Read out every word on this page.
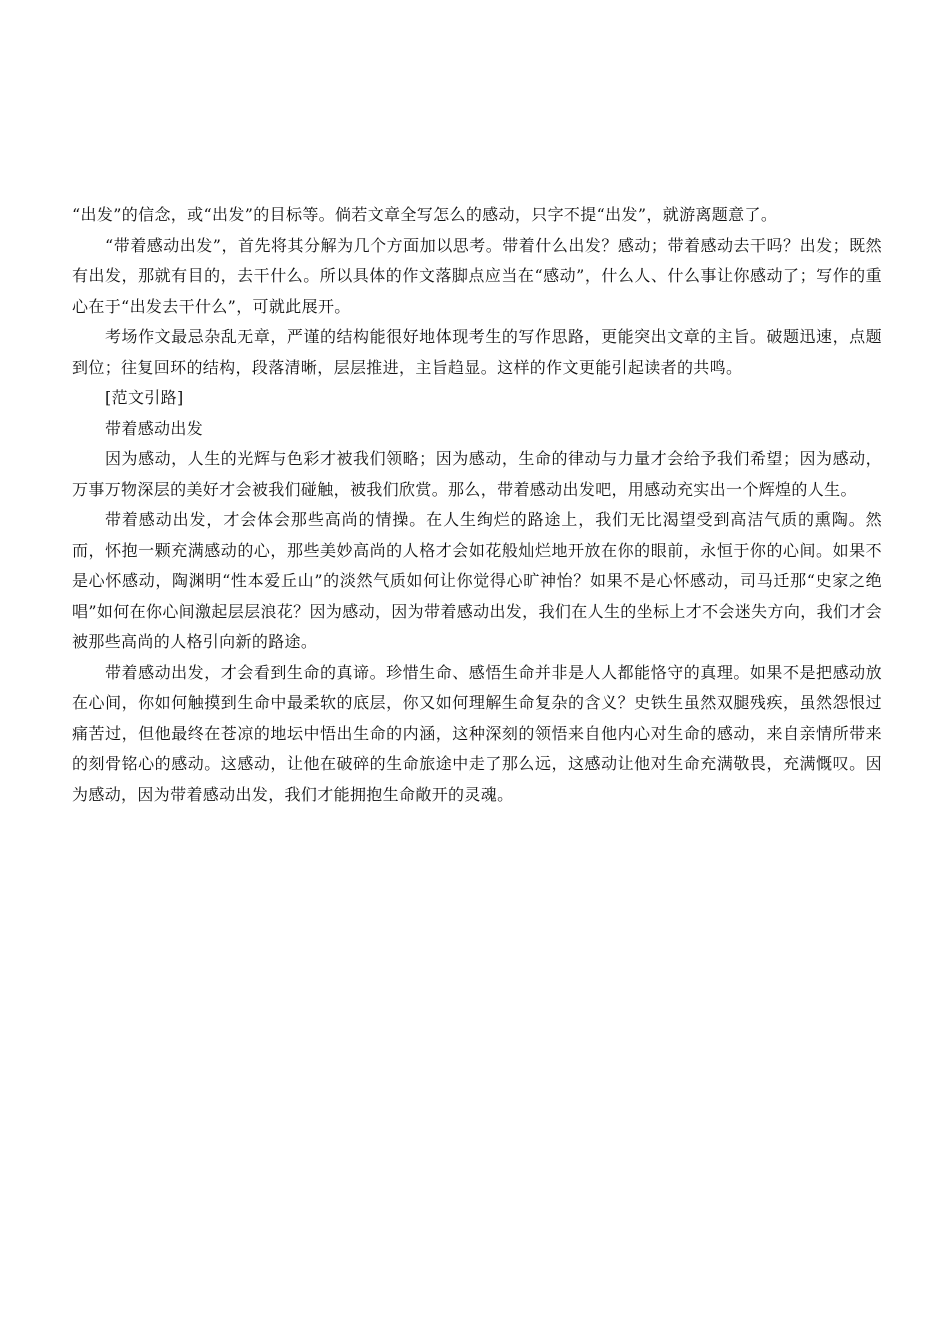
“出发”的信念，或“出发”的目标等。倘若文章全写怎么的感动，只字不提“出发”，就游离题意了。

“带着感动出发”，首先将其分解为几个方面加以思考。带着什么出发？感动；带着感动去干吗？出发；既然有出发，那就有目的，去干什么。所以具体的作文落脚点应当在“感动”，什么人、什么事让你感动了；写作的重心在于“出发去干什么”，可就此展开。

考场作文最忌杂乱无章，严谨的结构能很好地体现考生的写作思路，更能突出文章的主旨。破题迅速，点题到位；往复回环的结构，段落清晰，层层推进，主旨趋显。这样的作文更能引起读者的共鸣。

[范文引路]

带着感动出发

因为感动，人生的光辉与色彩才被我们领略；因为感动，生命的律动与力量才会给予我们希望；因为感动，万事万物深层的美好才会被我们碰触，被我们欣赏。那么，带着感动出发吧，用感动充实出一个辉煌的人生。

带着感动出发，才会体会那些高尚的情操。在人生绚烂的路途上，我们无比渴望受到高洁气质的熏陶。然而，怀抱一颗充满感动的心，那些美妙高尚的人格才会如花般灿烂地开放在你的眼前，永恒于你的心间。如果不是心怀感动，陶渊明“性本爱丘山”的淡然气质如何让你觉得心旷神怡？如果不是心怀感动，司马迁那“史家之绝唱”如何在你心间激起层层浪花？因为感动，因为带着感动出发，我们在人生的坐标上才不会迷失方向，我们才会被那些高尚的人格引向新的路途。

带着感动出发，才会看到生命的真谛。珍惜生命、感悟生命并非是人人都能恪守的真理。如果不是把感动放在心间，你如何触摸到生命中最柔软的底层，你又如何理解生命复杂的含义？史铁生虽然双腿残疾，虽然怨恨过痛苦过，但他最终在苍凉的地坛中悟出生命的内涵，这种深刻的领悟来自他内心对生命的感动，来自亲情所带来的刻骨铭心的感动。这感动，让他在破碎的生命旅途中走了那么远，这感动让他对生命充满敬畏，充满慨叹。因为感动，因为带着感动出发，我们才能拥抱生命敞开的灵魂。
